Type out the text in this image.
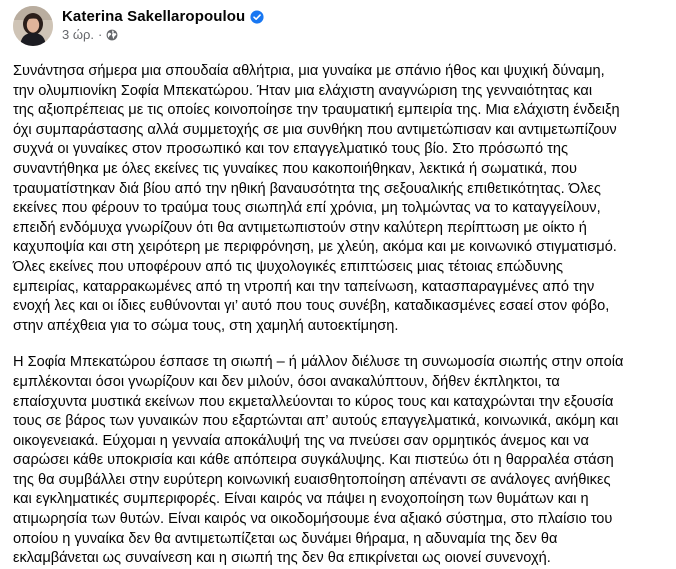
Katerina Sakellaropoulou
3 ώρ. ·

Συνάντησα σήμερα μια σπουδαία αθλήτρια, μια γυναίκα με σπάνιο ήθος και ψυχική δύναμη,
την ολυμπιονίκη Σοφία Μπεκατώρου. Ήταν μια ελάχιστη αναγνώριση της γενναιότητας και
της αξιοπρέπειας με τις οποίες κοινοποίησε την τραυματική εμπειρία της. Μια ελάχιστη ένδειξη
όχι συμπαράστασης αλλά συμμετοχής σε μια συνθήκη που αντιμετώπισαν και αντιμετωπίζουν
συχνά οι γυναίκες στον προσωπικό και τον επαγγελματικό τους βίο. Στο πρόσωπό της
συναντήθηκα με όλες εκείνες τις γυναίκες που κακοποιήθηκαν, λεκτικά ή σωματικά, που
τραυματίστηκαν διά βίου από την ηθική βαναυσότητα της σεξουαλικής επιθετικότητας. Όλες
εκείνες που φέρουν το τραύμα τους σιωπηλά επί χρόνια, μη τολμώντας να το καταγγείλουν,
επειδή ενδόμυχα γνωρίζουν ότι θα αντιμετωπιστούν στην καλύτερη περίπτωση με οίκτο ή
καχυποψία και στη χειρότερη με περιφρόνηση, με χλεύη, ακόμα και με κοινωνικό στιγματισμό.
Όλες εκείνες που υποφέρουν από τις ψυχολογικές επιπτώσεις μιας τέτοιας επώδυνης
εμπειρίας, καταρρακωμένες από τη ντροπή και την ταπείνωση, κατασπαραγμένες από την
ενοχή λες και οι ίδιες ευθύνονται γι’ αυτό που τους συνέβη, καταδικασμένες εσαεί στον φόβο,
στην απέχθεια για το σώμα τους, στη χαμηλή αυτοεκτίμηση.

Η Σοφία Μπεκατώρου έσπασε τη σιωπή – ή μάλλον διέλυσε τη συνωμοσία σιωπής στην οποία
εμπλέκονται όσοι γνωρίζουν και δεν μιλούν, όσοι ανακαλύπτουν, δήθεν έκπληκτοι, τα
επαίσχυντα μυστικά εκείνων που εκμεταλλεύονται το κύρος τους και καταχρώνται την εξουσία
τους σε βάρος των γυναικών που εξαρτώνται απ’ αυτούς επαγγελματικά, κοινωνικά, ακόμη και
οικογενειακά. Εύχομαι η γενναία αποκάλυψή της να πνεύσει σαν ορμητικός άνεμος και να
σαρώσει κάθε υποκρισία και κάθε απόπειρα συγκάλυψης. Και πιστεύω ότι η θαρραλέα στάση
της θα συμβάλλει στην ευρύτερη κοινωνική ευαισθητοποίηση απέναντι σε ανάλογες ανήθικες
και εγκληματικές συμπεριφορές. Είναι καιρός να πάψει η ενοχοποίηση των θυμάτων και η
ατιμωρησία των θυτών. Είναι καιρός να οικοδομήσουμε ένα αξιακό σύστημα, στο πλαίσιο του
οποίου η γυναίκα δεν θα αντιμετωπίζεται ως δυνάμει θήραμα, η αδυναμία της δεν θα
εκλαμβάνεται ως συναίνεση και η σιωπή της δεν θα επικρίνεται ως οιονεί συνενοχή.
